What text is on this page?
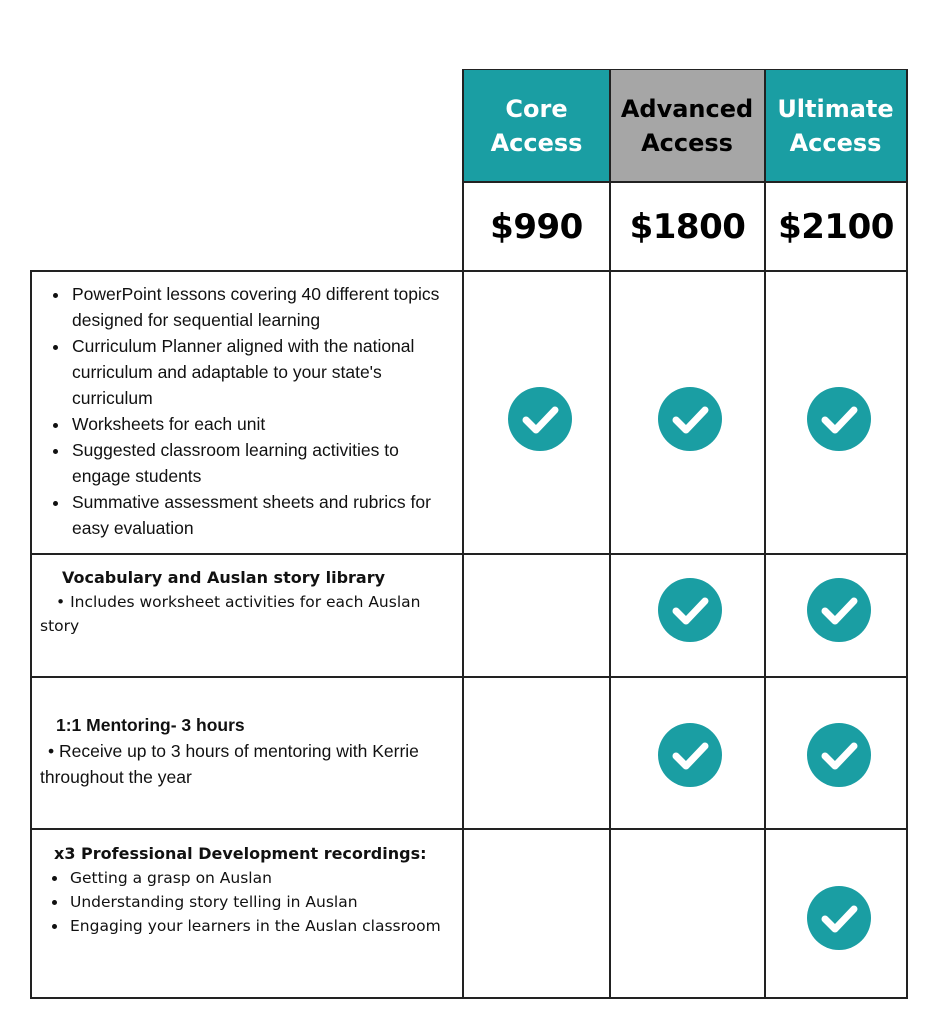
Core Access
Advanced Access
Ultimate Access
$990	$1800 $2100
• PowerPoint lessons covering 40 different topics designed for sequential learning
• Curriculum Planner aligned with the national curriculum and adaptable to your state's curriculum
• Worksheets for each unit
• Suggested classroom learning activities to engage students
• Summative assessment sheets and rubrics for easy evaluation
Vocabulary and Auslan story library
• Includes worksheet activities for each Auslan story
1:1 Mentoring- 3 hours
• Receive up to 3 hours of mentoring with Kerrie throughout the year
x3 Professional Development recordings:
• Getting a grasp on Auslan
• Understanding story telling in Auslan
• Engaging your learners in the Auslan classroom
